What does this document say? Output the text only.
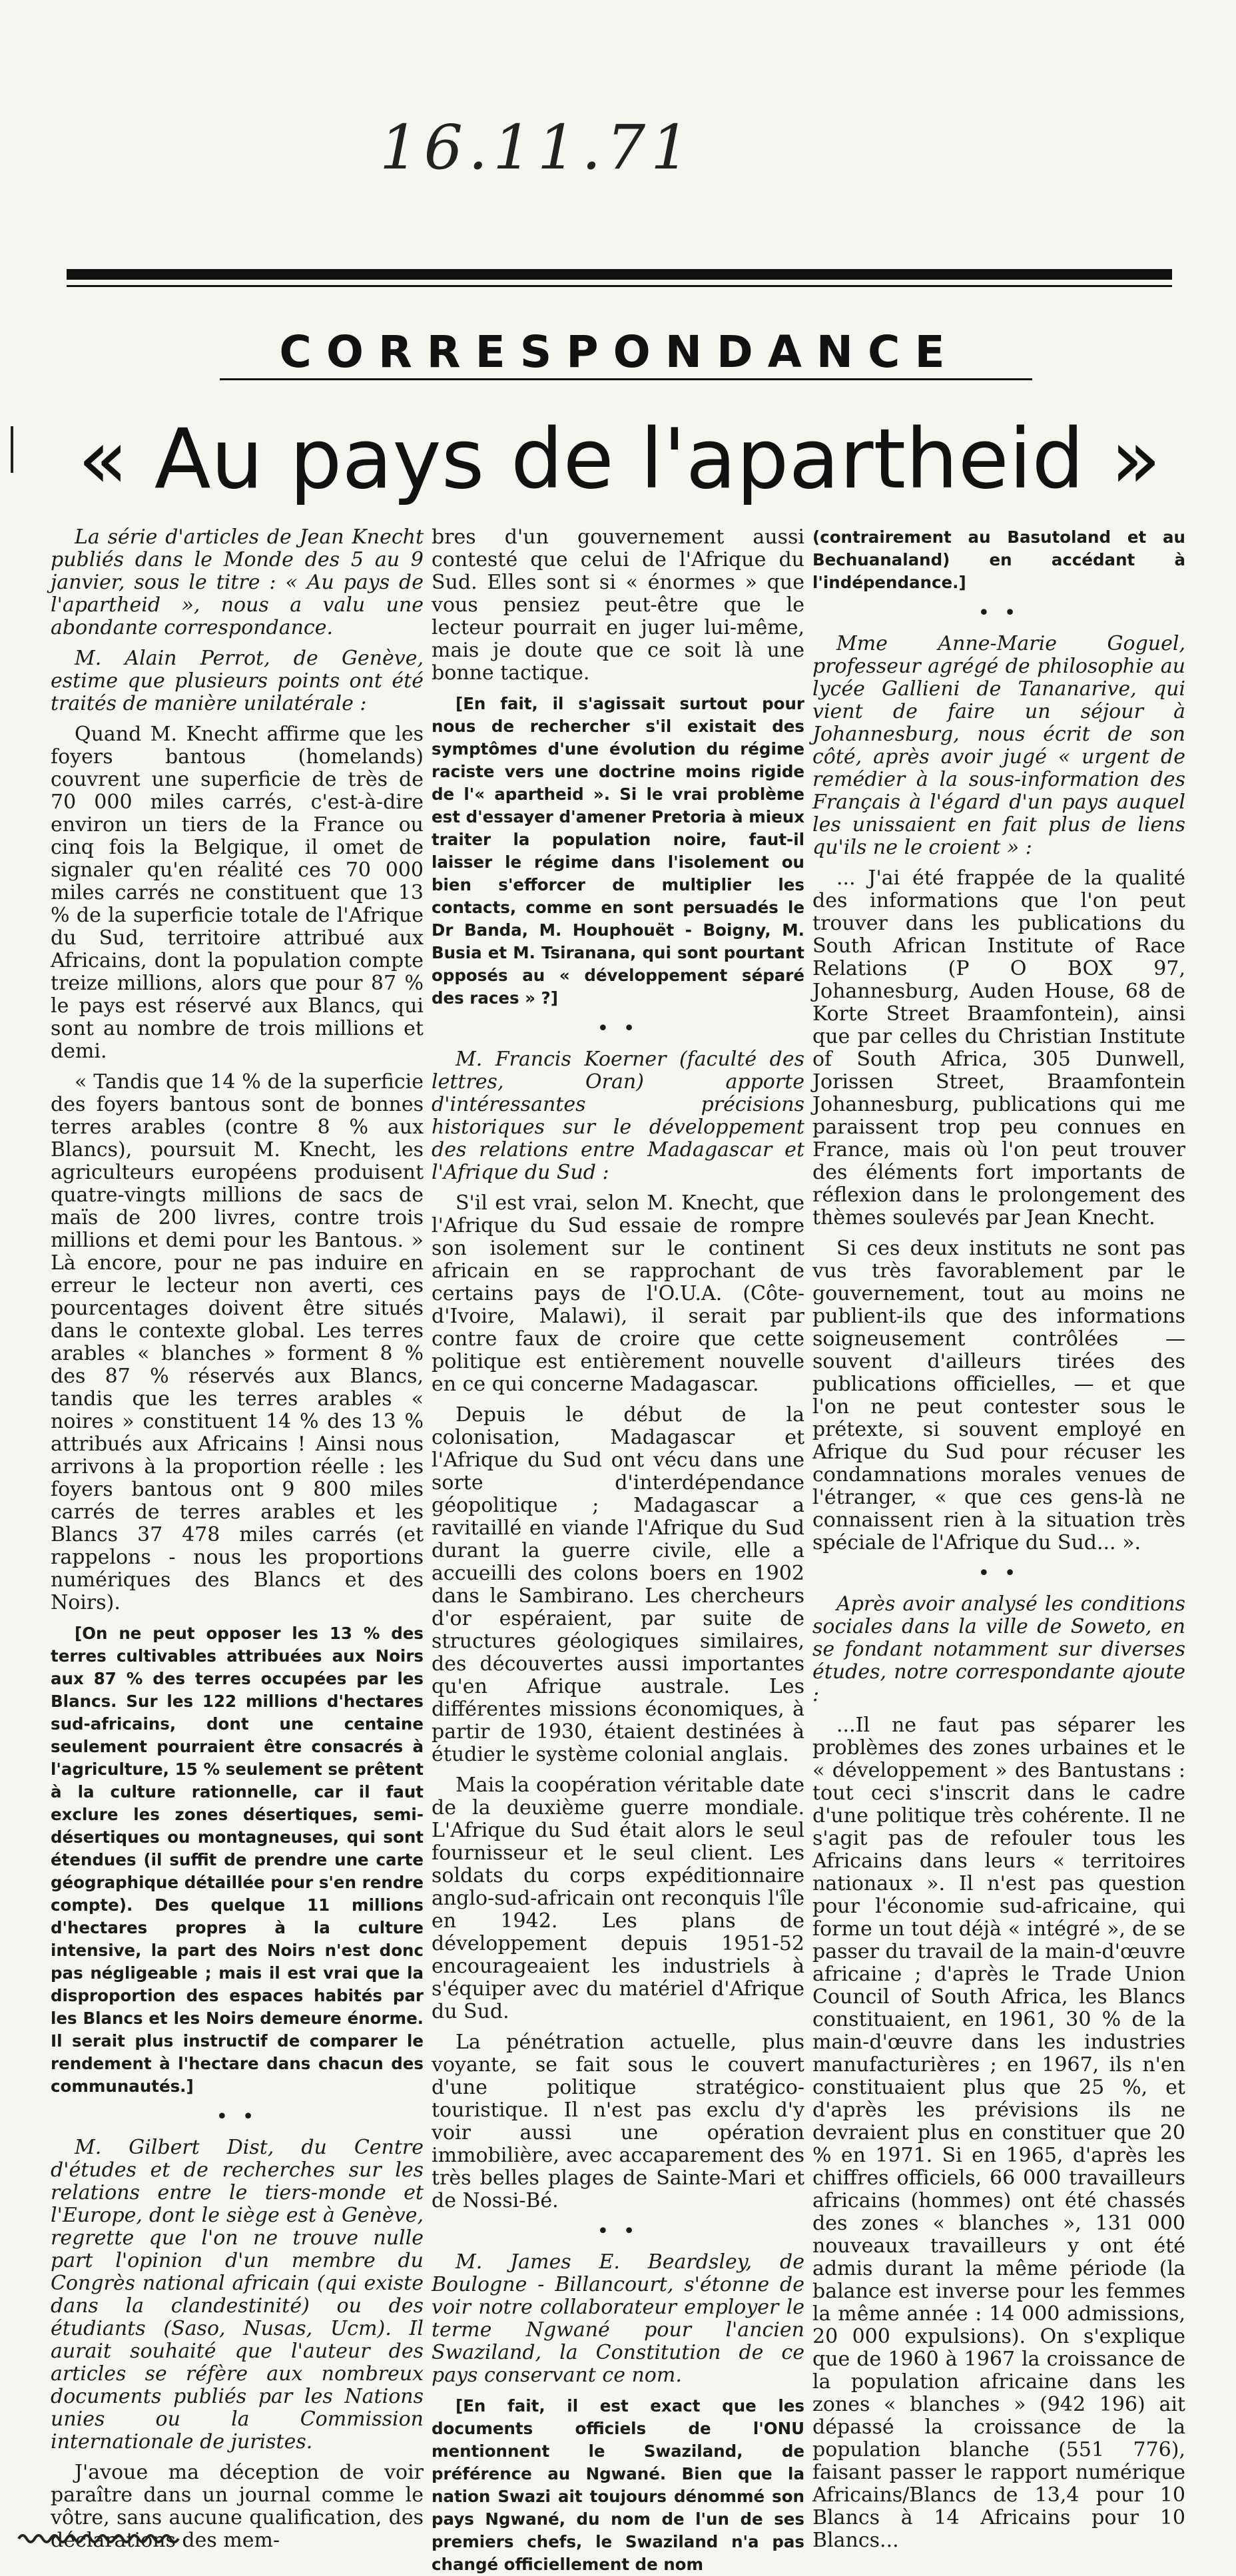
16.11.71
CORRESPONDANCE
« Au pays de l'apartheid »

La série d'articles de Jean Knecht publiés dans le Monde des 5 au 9 janvier, sous le titre : « Au pays de l'apartheid », nous a valu une abondante correspondance.

M. Alain Perrot, de Genève, estime que plusieurs points ont été traités de manière unilatérale :

Quand M. Knecht affirme que les foyers bantous (homelands) couvrent une superficie de très de 70 000 miles carrés, c'est-à-dire environ un tiers de la France ou cinq fois la Belgique, il omet de signaler qu'en réalité ces 70 000 miles carrés ne constituent que 13 % de la superficie totale de l'Afrique du Sud, territoire attribué aux Africains, dont la population compte treize millions, alors que pour 87 % le pays est réservé aux Blancs, qui sont au nombre de trois millions et demi.

« Tandis que 14 % de la superficie des foyers bantous sont de bonnes terres arables (contre 8 % aux Blancs), poursuit M. Knecht, les agriculteurs européens produisent quatre-vingts millions de sacs de maïs de 200 livres, contre trois millions et demi pour les Bantous. » Là encore, pour ne pas induire en erreur le lecteur non averti, ces pourcentages doivent être situés dans le contexte global. Les terres arables « blanches » forment 8 % des 87 % réservés aux Blancs, tandis que les terres arables « noires » constituent 14 % des 13 % attribués aux Africains ! Ainsi nous arrivons à la proportion réelle : les foyers bantous ont 9 800 miles carrés de terres arables et les Blancs 37 478 miles carrés (et rappelons - nous les proportions numériques des Blancs et des Noirs).

[On ne peut opposer les 13 % des terres cultivables attribuées aux Noirs aux 87 % des terres occupées par les Blancs. Sur les 122 millions d'hectares sud-africains, dont une centaine seulement pourraient être consacrés à l'agriculture, 15 % seulement se prêtent à la culture rationnelle, car il faut exclure les zones désertiques, semi-désertiques ou montagneuses, qui sont étendues (il suffit de prendre une carte géographique détaillée pour s'en rendre compte). Des quelque 11 millions d'hectares propres à la culture intensive, la part des Noirs n'est donc pas négligeable ; mais il est vrai que la disproportion des espaces habités par les Blancs et les Noirs demeure énorme. Il serait plus instructif de comparer le rendement à l'hectare dans chacun des communautés.]

• •

M. Gilbert Dist, du Centre d'études et de recherches sur les relations entre le tiers-monde et l'Europe, dont le siège est à Genève, regrette que l'on ne trouve nulle part l'opinion d'un membre du Congrès national africain (qui existe dans la clandestinité) ou des étudiants (Saso, Nusas, Ucm). Il aurait souhaité que l'auteur des articles se réfère aux nombreux documents publiés par les Nations unies ou la Commission internationale de juristes.

J'avoue ma déception de voir paraître dans un journal comme le vôtre, sans aucune qualification, des déclarations des mem-

bres d'un gouvernement aussi contesté que celui de l'Afrique du Sud. Elles sont si « énormes » que vous pensiez peut-être que le lecteur pourrait en juger lui-même, mais je doute que ce soit là une bonne tactique.

[En fait, il s'agissait surtout pour nous de rechercher s'il existait des symptômes d'une évolution du régime raciste vers une doctrine moins rigide de l'« apartheid ». Si le vrai problème est d'essayer d'amener Pretoria à mieux traiter la population noire, faut-il laisser le régime dans l'isolement ou bien s'efforcer de multiplier les contacts, comme en sont persuadés le Dr Banda, M. Houphouët - Boigny, M. Busia et M. Tsiranana, qui sont pourtant opposés au « développement séparé des races » ?]

• •

M. Francis Koerner (faculté des lettres, Oran) apporte d'intéressantes précisions historiques sur le développement des relations entre Madagascar et l'Afrique du Sud :

S'il est vrai, selon M. Knecht, que l'Afrique du Sud essaie de rompre son isolement sur le continent africain en se rapprochant de certains pays de l'O.U.A. (Côte-d'Ivoire, Malawi), il serait par contre faux de croire que cette politique est entièrement nouvelle en ce qui concerne Madagascar.

Depuis le début de la colonisation, Madagascar et l'Afrique du Sud ont vécu dans une sorte d'interdépendance géopolitique ; Madagascar a ravitaillé en viande l'Afrique du Sud durant la guerre civile, elle a accueilli des colons boers en 1902 dans le Sambirano. Les chercheurs d'or espéraient, par suite de structures géologiques similaires, des découvertes aussi importantes qu'en Afrique australe. Les différentes missions économiques, à partir de 1930, étaient destinées à étudier le système colonial anglais.

Mais la coopération véritable date de la deuxième guerre mondiale. L'Afrique du Sud était alors le seul fournisseur et le seul client. Les soldats du corps expéditionnaire anglo-sud-africain ont reconquis l'île en 1942. Les plans de développement depuis 1951-52 encourageaient les industriels à s'équiper avec du matériel d'Afrique du Sud.

La pénétration actuelle, plus voyante, se fait sous le couvert d'une politique stratégico-touristique. Il n'est pas exclu d'y voir aussi une opération immobilière, avec accaparement des très belles plages de Sainte-Mari et de Nossi-Bé.

• •

M. James E. Beardsley, de Boulogne - Billancourt, s'étonne de voir notre collaborateur employer le terme Ngwané pour l'ancien Swaziland, la Constitution de ce pays conservant ce nom.

[En fait, il est exact que les documents officiels de l'ONU mentionnent le Swaziland, de préférence au Ngwané. Bien que la nation Swazi ait toujours dénommé son pays Ngwané, du nom de l'un de ses premiers chefs, le Swaziland n'a pas changé officiellement de nom

(contrairement au Basutoland et au Bechuanaland) en accédant à l'indépendance.]

• •

Mme Anne-Marie Goguel, professeur agrégé de philosophie au lycée Gallieni de Tananarive, qui vient de faire un séjour à Johannesburg, nous écrit de son côté, après avoir jugé « urgent de remédier à la sous-information des Français à l'égard d'un pays auquel les unissaient en fait plus de liens qu'ils ne le croient » :

... J'ai été frappée de la qualité des informations que l'on peut trouver dans les publications du South African Institute of Race Relations (P O BOX 97, Johannesburg, Auden House, 68 de Korte Street Braamfontein), ainsi que par celles du Christian Institute of South Africa, 305 Dunwell, Jorissen Street, Braamfontein Johannesburg, publications qui me paraissent trop peu connues en France, mais où l'on peut trouver des éléments fort importants de réflexion dans le prolongement des thèmes soulevés par Jean Knecht.

Si ces deux instituts ne sont pas vus très favorablement par le gouvernement, tout au moins ne publient-ils que des informations soigneusement contrôlées — souvent d'ailleurs tirées des publications officielles, — et que l'on ne peut contester sous le prétexte, si souvent employé en Afrique du Sud pour récuser les condamnations morales venues de l'étranger, « que ces gens-là ne connaissent rien à la situation très spéciale de l'Afrique du Sud... ».

• •

Après avoir analysé les conditions sociales dans la ville de Soweto, en se fondant notamment sur diverses études, notre correspondante ajoute :

...Il ne faut pas séparer les problèmes des zones urbaines et le « développement » des Bantustans : tout ceci s'inscrit dans le cadre d'une politique très cohérente. Il ne s'agit pas de refouler tous les Africains dans leurs « territoires nationaux ». Il n'est pas question pour l'économie sud-africaine, qui forme un tout déjà « intégré », de se passer du travail de la main-d'œuvre africaine ; d'après le Trade Union Council of South Africa, les Blancs constituaient, en 1961, 30 % de la main-d'œuvre dans les industries manufacturières ; en 1967, ils n'en constituaient plus que 25 %, et d'après les prévisions ils ne devraient plus en constituer que 20 % en 1971. Si en 1965, d'après les chiffres officiels, 66 000 travailleurs africains (hommes) ont été chassés des zones « blanches », 131 000 nouveaux travailleurs y ont été admis durant la même période (la balance est inverse pour les femmes la même année : 14 000 admissions, 20 000 expulsions). On s'explique que de 1960 à 1967 la croissance de la population africaine dans les zones « blanches » (942 196) ait dépassé la croissance de la population blanche (551 776), faisant passer le rapport numérique Africains/Blancs de 13,4 pour 10 Blancs à 14 Africains pour 10 Blancs...
